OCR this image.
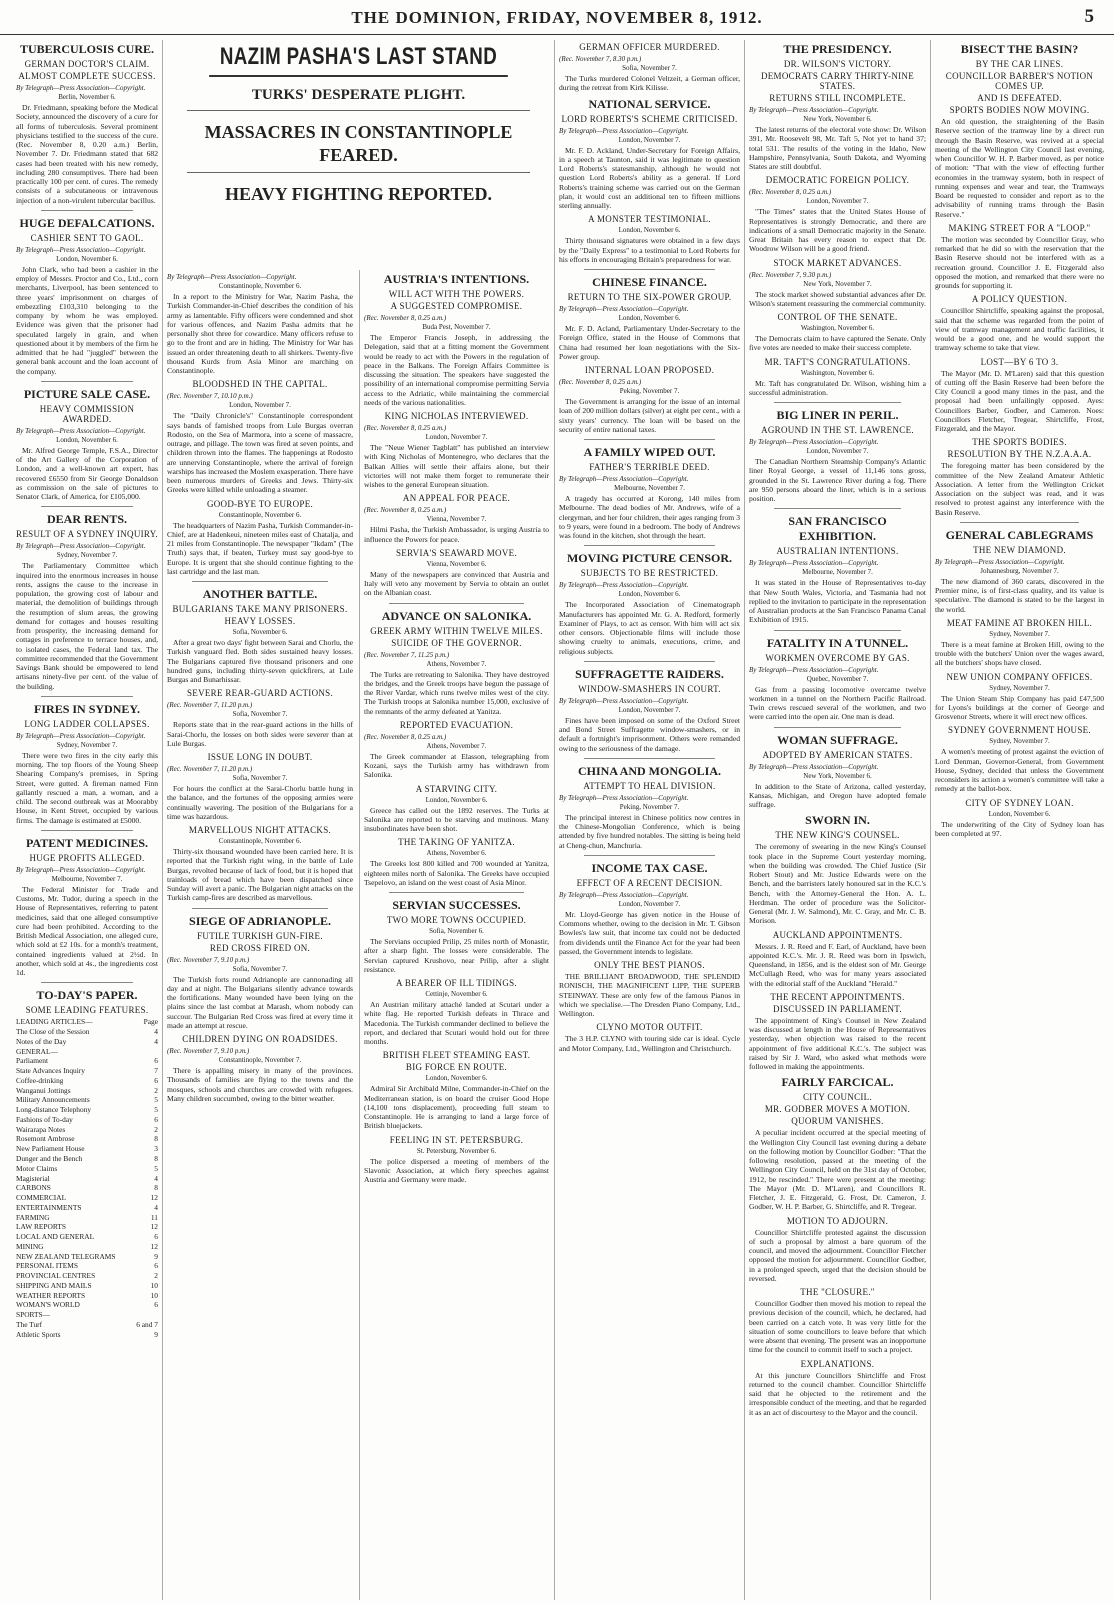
THE DOMINION, FRIDAY, NOVEMBER 8, 1912.	5
TUBERCULOSIS CURE.
GERMAN DOCTOR'S CLAIM.
ALMOST COMPLETE SUCCESS.
By Telegraph—Press Association—Copyright.
Berlin, November 6.
Dr. Friedmann, speaking before the Medical Society, announced the discovery of a cure for all forms of tuberculosis. Several prominent physicians testified to the success of the cure. (Rec. November 8, 0.20 a.m.) Berlin, November 7. Dr. Friedmann stated that 682 cases had been treated with his new remedy, including 280 consumptives. There had been practically 100 per cent. of cures. The remedy consists of a subcutaneous or intravenous injection of a non-virulent tubercular bacillus.
HUGE DEFALCATIONS.
CASHIER SENT TO GAOL.
By Telegraph—Press Association—Copyright.
London, November 6.
John Clark, who had been a cashier in the employ of Messrs. Proctor and Co., Ltd., corn merchants, Liverpool, has been sentenced to three years' imprisonment on charges of embezzling £103,310 belonging to the company by whom he was employed. Evidence was given that the prisoner had speculated largely in grain, and when questioned about it by members of the firm he admitted that he had "juggled" between the general bank account and the loan account of the company.
PICTURE SALE CASE.
HEAVY COMMISSION AWARDED.
By Telegraph—Press Association—Copyright.
London, November 6.
Mr. Alfred George Temple, F.S.A., Director of the Art Gallery of the Corporation of London, and a well-known art expert, has recovered £6550 from Sir George Donaldson as commission on the sale of pictures to Senator Clark, of America, for £105,000.
DEAR RENTS.
RESULT OF A SYDNEY INQUIRY.
By Telegraph—Press Association—Copyright.
Sydney, November 7.
The Parliamentary Committee which inquired into the enormous increases in house rents, assigns the cause to the increase in population, the growing cost of labour and material, the demolition of buildings through the resumption of slum areas, the growing demand for cottages and houses resulting from prosperity, the increasing demand for cottages in preference to terrace houses, and, to isolated cases, the Federal land tax. The committee recommended that the Government Savings Bank should be empowered to lend artisans ninety-five per cent. of the value of the building.
FIRES IN SYDNEY.
LONG LADDER COLLAPSES.
By Telegraph—Press Association—Copyright.
Sydney, November 7.
There were two fires in the city early this morning. The top floors of the Young Sheep Shearing Company's premises, in Spring Street, were gutted. A fireman named Finn gallantly rescued a man, a woman, and a child. The second outbreak was at Moorabby House, in Kent Street, occupied by various firms. The damage is estimated at £5000.
PATENT MEDICINES.
HUGE PROFITS ALLEGED.
By Telegraph—Press Association—Copyright.
Melbourne, November 7.
The Federal Minister for Trade and Customs, Mr. Tudor, during a speech in the House of Representatives, referring to patent medicines, said that one alleged consumptive cure had been prohibited. According to the British Medical Association, one alleged cure, which sold at £2 10s. for a month's treatment, contained ingredients valued at 2½d. In another, which sold at 4s., the ingredients cost 1d.
TO-DAY'S PAPER.
SOME LEADING FEATURES.
LEADING ARTICLES—	Page
The Close of the Session	4
Notes of the Day	4
GENERAL—
Parliament	6
State Advances Inquiry	7
Coffee-drinking	6
Wanganui Jottings	2
Military Announcements	5
Long-distance Telephony	5
Fashions of To-day	6
Wairarapa Notes	2
Rosemont Ambrose	8
New Parliament House	3
Dunger and the Bench	8
Motor Claims	5
Magisterial	4
CARBONS	8
COMMERCIAL	12
ENTERTAINMENTS	4
FARMING	11
LAW REPORTS	12
LOCAL AND GENERAL	6
MINING	12
NEW ZEALAND TELEGRAMS	9
PERSONAL ITEMS	6
PROVINCIAL CENTRES	2
SHIPPING AND MAILS	10
WEATHER REPORTS	10
WOMAN'S WORLD	6
SPORTS—
The Turf	6 and 7
Athletic Sports	9
NAZIM PASHA'S LAST STAND
TURKS' DESPERATE PLIGHT.
MASSACRES IN CONSTANTINOPLE FEARED.
HEAVY FIGHTING REPORTED.
By Telegraph—Press Association—Copyright.
Constantinople, November 6.
In a report to the Ministry for War, Nazim Pasha, the Turkish Commander-in-Chief describes the condition of his army as lamentable. Fifty officers were condemned and shot for various offences, and Nazim Pasha admits that he personally shot three for cowardice. Many officers refuse to go to the front and are in hiding. The Ministry for War has issued an order threatening death to all shirkers. Twenty-five thousand Kurds from Asia Minor are marching on Constantinople.
BLOODSHED IN THE CAPITAL.
(Rec. November 7, 10.10 p.m.)
London, November 7.
The "Daily Chronicle's" Constantinople correspondent says bands of famished troops from Lule Burgas overran Rodosto, on the Sea of Marmora, into a scene of massacre, outrage, and pillage. The town was fired at seven points, and children thrown into the flames. The happenings at Rodosto are unnerving Constantinople, where the arrival of foreign warships has increased the Moslem exasperation. There have been numerous murders of Greeks and Jews. Thirty-six Greeks were killed while unloading a steamer.
GOOD-BYE TO EUROPE.
Constantinople, November 6.
The headquarters of Nazim Pasha, Turkish Commander-in-Chief, are at Hadenkeui, nineteen miles east of Chatalja, and 21 miles from Constantinople. The newspaper "Ikdam" (The Truth) says that, if beaten, Turkey must say good-bye to Europe. It is urgent that she should continue fighting to the last cartridge and the last man.
ANOTHER BATTLE.
BULGARIANS TAKE MANY PRISONERS.
HEAVY LOSSES.
Sofia, November 6.
After a great two days' fight between Sarai and Chorlu, the Turkish vanguard fled. Both sides sustained heavy losses. The Bulgarians captured five thousand prisoners and one hundred guns, including thirty-seven quickfirers, at Lule Burgas and Bunarhissar.
SEVERE REAR-GUARD ACTIONS.
(Rec. November 7, 11.20 p.m.)
Sofia, November 7.
Reports state that in the rear-guard actions in the hills of Sarai-Chorlu, the losses on both sides were severer than at Lule Burgas.
ISSUE LONG IN DOUBT.
(Rec. November 7, 11.20 p.m.)
Sofia, November 7.
For hours the conflict at the Sarai-Chorlu battle hung in the balance, and the fortunes of the opposing armies were continually wavering. The position of the Bulgarians for a time was hazardous.
MARVELLOUS NIGHT ATTACKS.
Constantinople, November 6.
Thirty-six thousand wounded have been carried here. It is reported that the Turkish right wing, in the battle of Lule Burgas, revolted because of lack of food, but it is hoped that trainloads of bread which have been dispatched since Sunday will avert a panic. The Bulgarian night attacks on the Turkish camp-fires are described as marvellous.
SIEGE OF ADRIANOPLE.
FUTILE TURKISH GUN-FIRE.
RED CROSS FIRED ON.
(Rec. November 7, 9.10 p.m.)
Sofia, November 7.
The Turkish forts round Adrianople are cannonading all day and at night. The Bulgarians silently advance towards the fortifications. Many wounded have been lying on the plains since the last combat at Marash, whom nobody can succour. The Bulgarian Red Cross was fired at every time it made an attempt at rescue.
CHILDREN DYING ON ROADSIDES.
(Rec. November 7, 9.10 p.m.)
Constantinople, November 7.
There is appalling misery in many of the provinces. Thousands of families are flying to the towns and the mosques, schools and churches are crowded with refugees. Many children succumbed, owing to the bitter weather.
AUSTRIA'S INTENTIONS.
WILL ACT WITH THE POWERS.
A SUGGESTED COMPROMISE.
(Rec. November 8, 0.25 a.m.)
Buda Pest, November 7.
The Emperor Francis Joseph, in addressing the Delegation, said that at a fitting moment the Government would be ready to act with the Powers in the regulation of peace in the Balkans. The Foreign Affairs Committee is discussing the situation. The speakers have suggested the possibility of an international compromise permitting Servia access to the Adriatic, while maintaining the commercial needs of the various nationalities.
KING NICHOLAS INTERVIEWED.
(Rec. November 8, 0.25 a.m.)
London, November 7.
The "Neue Wiener Tagblatt" has published an interview with King Nicholas of Montenegro, who declares that the Balkan Allies will settle their affairs alone, but their victories will not make them forget to remunerate their wishes to the general European situation.
AN APPEAL FOR PEACE.
(Rec. November 8, 0.25 a.m.)
Vienna, November 7.
Hilmi Pasha, the Turkish Ambassador, is urging Austria to influence the Powers for peace.
SERVIA'S SEAWARD MOVE.
Vienna, November 6.
Many of the newspapers are convinced that Austria and Italy will veto any movement by Servia to obtain an outlet on the Albanian coast.
ADVANCE ON SALONIKA.
GREEK ARMY WITHIN TWELVE MILES.
SUICIDE OF THE GOVERNOR.
(Rec. November 7, 11.25 p.m.)
Athens, November 7.
The Turks are retreating to Salonika. They have destroyed the bridges, and the Greek troops have begun the passage of the River Vardar, which runs twelve miles west of the city. The Turkish troops at Salonika number 15,000, exclusive of the remnants of the army defeated at Yanitza.
REPORTED EVACUATION.
(Rec. November 8, 0.25 a.m.)
Athens, November 7.
The Greek commander at Elasson, telegraphing from Kozani, says the Turkish army has withdrawn from Salonika.
A STARVING CITY.
London, November 6.
Greece has called out the 1892 reserves. The Turks at Salonika are reported to be starving and mutinous. Many insubordinates have been shot.
THE TAKING OF YANITZA.
Athens, November 6.
The Greeks lost 800 killed and 700 wounded at Yanitza, eighteen miles north of Salonika. The Greeks have occupied Tsepelovo, an island on the west coast of Asia Minor.
SERVIAN SUCCESSES.
TWO MORE TOWNS OCCUPIED.
Sofia, November 6.
The Servians occupied Prilip, 25 miles north of Monastir, after a sharp fight. The losses were considerable. The Servian captured Krushovo, near Prilip, after a slight resistance.
A BEARER OF ILL TIDINGS.
Cettinje, November 6.
An Austrian military attaché landed at Scutari under a white flag. He reported Turkish defeats in Thrace and Macedonia. The Turkish commander declined to believe the report, and declared that Scutari would hold out for three months.
BRITISH FLEET STEAMING EAST.
BIG FORCE EN ROUTE.
London, November 6.
Admiral Sir Archibald Milne, Commander-in-Chief on the Mediterranean station, is on board the cruiser Good Hope (14,100 tons displacement), proceeding full steam to Constantinople. He is arranging to land a large force of British bluejackets.
FEELING IN ST. PETERSBURG.
St. Petersburg, November 6.
The police dispersed a meeting of members of the Slavonic Association, at which fiery speeches against Austria and Germany were made.
GERMAN OFFICER MURDERED.
(Rec. November 7, 8.30 p.m.)
Sofia, November 7.
The Turks murdered Colonel Veltzeit, a German officer, during the retreat from Kirk Kilisse.
NATIONAL SERVICE.
LORD ROBERTS'S SCHEME CRITICISED.
By Telegraph—Press Association—Copyright.
London, November 7.
Mr. F. D. Ackland, Under-Secretary for Foreign Affairs, in a speech at Taunton, said it was legitimate to question Lord Roberts's statesmanship, although he would not question Lord Roberts's ability as a general. If Lord Roberts's training scheme was carried out on the German plan, it would cost an additional ten to fifteen millions sterling annually.
A MONSTER TESTIMONIAL.
London, November 6.
Thirty thousand signatures were obtained in a few days by the "Daily Express" to a testimonial to Lord Roberts for his efforts in encouraging Britain's preparedness for war.
CHINESE FINANCE.
RETURN TO THE SIX-POWER GROUP.
By Telegraph—Press Association—Copyright.
London, November 6.
Mr. F. D. Acland, Parliamentary Under-Secretary to the Foreign Office, stated in the House of Commons that China had resumed her loan negotiations with the Six-Power group.
INTERNAL LOAN PROPOSED.
(Rec. November 8, 0.25 a.m.)
Peking, November 7.
The Government is arranging for the issue of an internal loan of 200 million dollars (silver) at eight per cent., with a sixty years' currency. The loan will be based on the security of entire national taxes.
A FAMILY WIPED OUT.
FATHER'S TERRIBLE DEED.
By Telegraph—Press Association—Copyright.
Melbourne, November 7.
A tragedy has occurred at Korong, 140 miles from Melbourne. The dead bodies of Mr. Andrews, wife of a clergyman, and her four children, their ages ranging from 3 to 9 years, were found in a bedroom. The body of Andrews was found in the kitchen, shot through the heart.
MOVING PICTURE CENSOR.
SUBJECTS TO BE RESTRICTED.
By Telegraph—Press Association—Copyright.
London, November 6.
The Incorporated Association of Cinematograph Manufacturers has appointed Mr. G. A. Redford, formerly Examiner of Plays, to act as censor. With him will act six other censors. Objectionable films will include those showing cruelty to animals, executions, crime, and religious subjects.
SUFFRAGETTE RAIDERS.
WINDOW-SMASHERS IN COURT.
By Telegraph—Press Association—Copyright.
London, November 7.
Fines have been imposed on some of the Oxford Street and Bond Street Suffragette window-smashers, or in default a fortnight's imprisonment. Others were remanded owing to the seriousness of the damage.
CHINA AND MONGOLIA.
ATTEMPT TO HEAL DIVISION.
By Telegraph—Press Association—Copyright.
Peking, November 7.
The principal interest in Chinese politics now centres in the Chinese-Mongolian Conference, which is being attended by five hundred notables. The sitting is being held at Cheng-chun, Manchuria.
INCOME TAX CASE.
EFFECT OF A RECENT DECISION.
By Telegraph—Press Association—Copyright.
London, November 7.
Mr. Lloyd-George has given notice in the House of Commons whether, owing to the decision in Mr. T. Gibson Bowles's law suit, that income tax could not be deducted from dividends until the Finance Act for the year had been passed, the Government intends to legislate.
ONLY THE BEST PIANOS.
THE BRILLIANT BROADWOOD, THE SPLENDID RONISCH, THE MAGNIFICENT LIPP, THE SUPERB STEINWAY. These are only few of the famous Pianos in which we specialise.—The Dresden Piano Company, Ltd., Wellington.
CLYNO MOTOR OUTFIT.
The 3 H.P. CLYNO with touring side car is ideal. Cycle and Motor Company, Ltd., Wellington and Christchurch.
THE PRESIDENCY.
DR. WILSON'S VICTORY.
DEMOCRATS CARRY THIRTY-NINE STATES.
RETURNS STILL INCOMPLETE.
By Telegraph—Press Association—Copyright.
New York, November 6.
The latest returns of the electoral vote show: Dr. Wilson 391, Mr. Roosevelt 98, Mr. Taft 5, Not yet to hand 37; total 531. The results of the voting in the Idaho, New Hampshire, Pennsylvania, South Dakota, and Wyoming States are still doubtful.
DEMOCRATIC FOREIGN POLICY.
(Rec. November 8, 0.25 a.m.)
London, November 7.
"The Times" states that the United States House of Representatives is strongly Democratic, and there are indications of a small Democratic majority in the Senate. Great Britain has every reason to expect that Dr. Woodrow Wilson will be a good friend.
STOCK MARKET ADVANCES.
(Rec. November 7, 9.30 p.m.)
New York, November 7.
The stock market showed substantial advances after Dr. Wilson's statement reassuring the commercial community.
CONTROL OF THE SENATE.
Washington, November 6.
The Democrats claim to have captured the Senate. Only five votes are needed to make their success complete.
MR. TAFT'S CONGRATULATIONS.
Washington, November 6.
Mr. Taft has congratulated Dr. Wilson, wishing him a successful administration.
BIG LINER IN PERIL.
AGROUND IN THE ST. LAWRENCE.
By Telegraph—Press Association—Copyright.
London, November 7.
The Canadian Northern Steamship Company's Atlantic liner Royal George, a vessel of 11,146 tons gross, grounded in the St. Lawrence River during a fog. There are 950 persons aboard the liner, which is in a serious position.
SAN FRANCISCO EXHIBITION.
AUSTRALIAN INTENTIONS.
By Telegraph—Press Association—Copyright.
Melbourne, November 7.
It was stated in the House of Representatives to-day that New South Wales, Victoria, and Tasmania had not replied to the invitation to participate in the representation of Australian products at the San Francisco Panama Canal Exhibition of 1915.
FATALITY IN A TUNNEL.
WORKMEN OVERCOME BY GAS.
By Telegraph—Press Association—Copyright.
Quebec, November 7.
Gas from a passing locomotive overcame twelve workmen in a tunnel on the Northern Pacific Railroad. Twin crews rescued several of the workmen, and two were carried into the open air. One man is dead.
WOMAN SUFFRAGE.
ADOPTED BY AMERICAN STATES.
By Telegraph—Press Association—Copyright.
New York, November 6.
In addition to the State of Arizona, called yesterday, Kansas, Michigan, and Oregon have adopted female suffrage.
SWORN IN.
THE NEW KING'S COUNSEL.
The ceremony of swearing in the new King's Counsel took place in the Supreme Court yesterday morning, when the building was crowded. The Chief Justice (Sir Robert Stout) and Mr. Justice Edwards were on the Bench, and the barristers lately honoured sat in the K.C.'s Bench, with the Attorney-General the Hon. A. L. Herdman. The order of procedure was the Solicitor-General (Mr. J. W. Salmond), Mr. C. Gray, and Mr. C. B. Morison.
AUCKLAND APPOINTMENTS.
Messrs. J. R. Reed and F. Earl, of Auckland, have been appointed K.C.'s. Mr. J. R. Reed was born in Ipswich, Queensland, in 1856, and is the eldest son of Mr. George McCullagh Reed, who was for many years associated with the editorial staff of the Auckland "Herald."
THE RECENT APPOINTMENTS.
DISCUSSED IN PARLIAMENT.
The appointment of King's Counsel in New Zealand was discussed at length in the House of Representatives yesterday, when objection was raised to the recent appointment of five additional K.C.'s. The subject was raised by Sir J. Ward, who asked what methods were followed in making the appointments.
FAIRLY FARCICAL.
CITY COUNCIL.
MR. GODBER MOVES A MOTION.
QUORUM VANISHES.
A peculiar incident occurred at the special meeting of the Wellington City Council last evening during a debate on the following motion by Councillor Godber: "That the following resolution, passed at the meeting of the Wellington City Council, held on the 31st day of October, 1912, be rescinded." There were present at the meeting: The Mayor (Mr. D. M'Laren), and Councillors R. Fletcher, J. E. Fitzgerald, G. Frost, Dr. Cameron, J. Godber, W. H. P. Barber, G. Shirtcliffe, and R. Tregear.
MOTION TO ADJOURN.
Councillor Shirtcliffe protested against the discussion of such a proposal by almost a bare quorum of the council, and moved the adjournment. Councillor Fletcher opposed the motion for adjournment. Councillor Godber, in a prolonged speech, urged that the decision should be reversed.
THE "CLOSURE."
Councillor Godber then moved his motion to repeal the previous decision of the council, which, he declared, had been carried on a catch vote. It was very little for the situation of some councillors to leave before that which were absent that evening. The present was an inopportune time for the council to commit itself to such a project.
EXPLANATIONS.
At this juncture Councillors Shirtcliffe and Frost returned to the council chamber. Councillor Shirtcliffe said that he objected to the retirement and the irresponsible conduct of the meeting, and that he regarded it as an act of discourtesy to the Mayor and the council.
BISECT THE BASIN?
BY THE CAR LINES.
COUNCILLOR BARBER'S NOTION COMES UP.
AND IS DEFEATED.
SPORTS BODIES NOW MOVING.
An old question, the straightening of the Basin Reserve section of the tramway line by a direct run through the Basin Reserve, was revived at a special meeting of the Wellington City Council last evening, when Councillor W. H. P. Barber moved, as per notice of motion: "That with the view of effecting further economies in the tramway system, both in respect of running expenses and wear and tear, the Tramways Board be requested to consider and report as to the advisability of running trams through the Basin Reserve."
MAKING STREET FOR A "LOOP."
The motion was seconded by Councillor Gray, who remarked that he did so with the reservation that the Basin Reserve should not be interfered with as a recreation ground. Councillor J. E. Fitzgerald also opposed the motion, and remarked that there were no grounds for supporting it.
A POLICY QUESTION.
Councillor Shirtcliffe, speaking against the proposal, said that the scheme was regarded from the point of view of tramway management and traffic facilities, it would be a good one, and he would support the tramway scheme to take that view.
LOST—BY 6 TO 3.
The Mayor (Mr. D. M'Laren) said that this question of cutting off the Basin Reserve had been before the City Council a good many times in the past, and the proposal had been unfailingly opposed. Ayes: Councillors Barber, Godber, and Cameron. Noes: Councillors Fletcher, Tregear, Shirtcliffe, Frost, Fitzgerald, and the Mayor.
THE SPORTS BODIES.
RESOLUTION BY THE N.Z.A.A.A.
The foregoing matter has been considered by the committee of the New Zealand Amateur Athletic Association. A letter from the Wellington Cricket Association on the subject was read, and it was resolved to protest against any interference with the Basin Reserve.
GENERAL CABLEGRAMS
THE NEW DIAMOND.
By Telegraph—Press Association—Copyright.
Johannesburg, November 7.
The new diamond of 360 carats, discovered in the Premier mine, is of first-class quality, and its value is speculative. The diamond is stated to be the largest in the world.
MEAT FAMINE AT BROKEN HILL.
Sydney, November 7.
There is a meat famine at Broken Hill, owing to the trouble with the butchers' Union over the wages award, all the butchers' shops have closed.
NEW UNION COMPANY OFFICES.
Sydney, November 7.
The Union Steam Ship Company has paid £47,500 for Lyons's buildings at the corner of George and Grosvenor Streets, where it will erect new offices.
SYDNEY GOVERNMENT HOUSE.
Sydney, November 7.
A women's meeting of protest against the eviction of Lord Denman, Governor-General, from Government House, Sydney, decided that unless the Government reconsiders its action a women's committee will take a remedy at the ballot-box.
CITY OF SYDNEY LOAN.
London, November 6.
The underwriting of the City of Sydney loan has been completed at 97.
